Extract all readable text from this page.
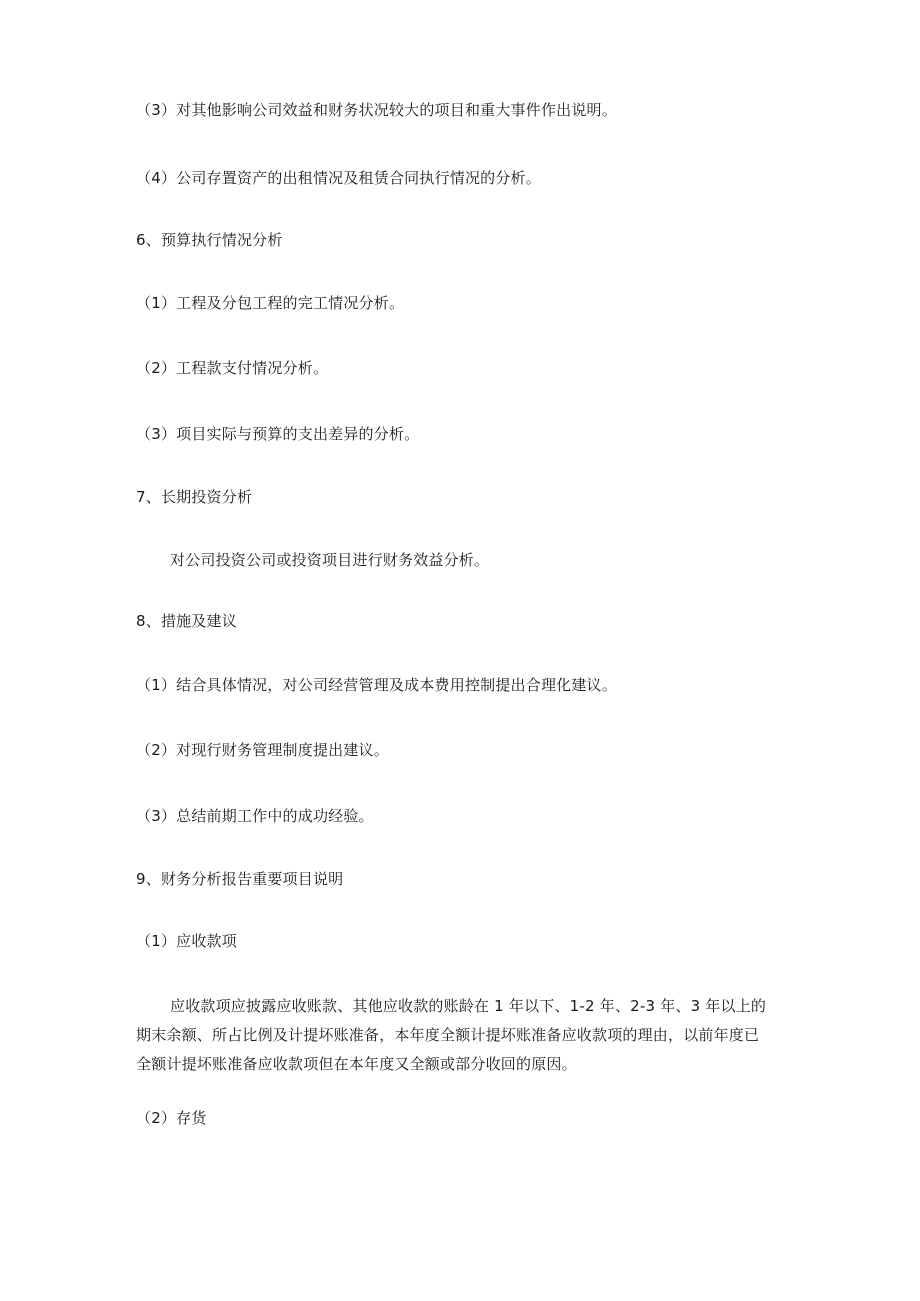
（3）对其他影响公司效益和财务状况较大的项目和重大事件作出说明。
（4）公司存置资产的出租情况及租赁合同执行情况的分析。
6、预算执行情况分析
（1）工程及分包工程的完工情况分析。
（2）工程款支付情况分析。
（3）项目实际与预算的支出差异的分析。
7、长期投资分析
对公司投资公司或投资项目进行财务效益分析。
8、措施及建议
（1）结合具体情况，对公司经营管理及成本费用控制提出合理化建议。
（2）对现行财务管理制度提出建议。
（3）总结前期工作中的成功经验。
9、财务分析报告重要项目说明
（1）应收款项
应收款项应披露应收账款、其他应收款的账龄在 1 年以下、1-2 年、2-3 年、3 年以上的
期末余额、所占比例及计提坏账准备，本年度全额计提坏账准备应收款项的理由，以前年度已
全额计提坏账准备应收款项但在本年度又全额或部分收回的原因。
（2）存货
